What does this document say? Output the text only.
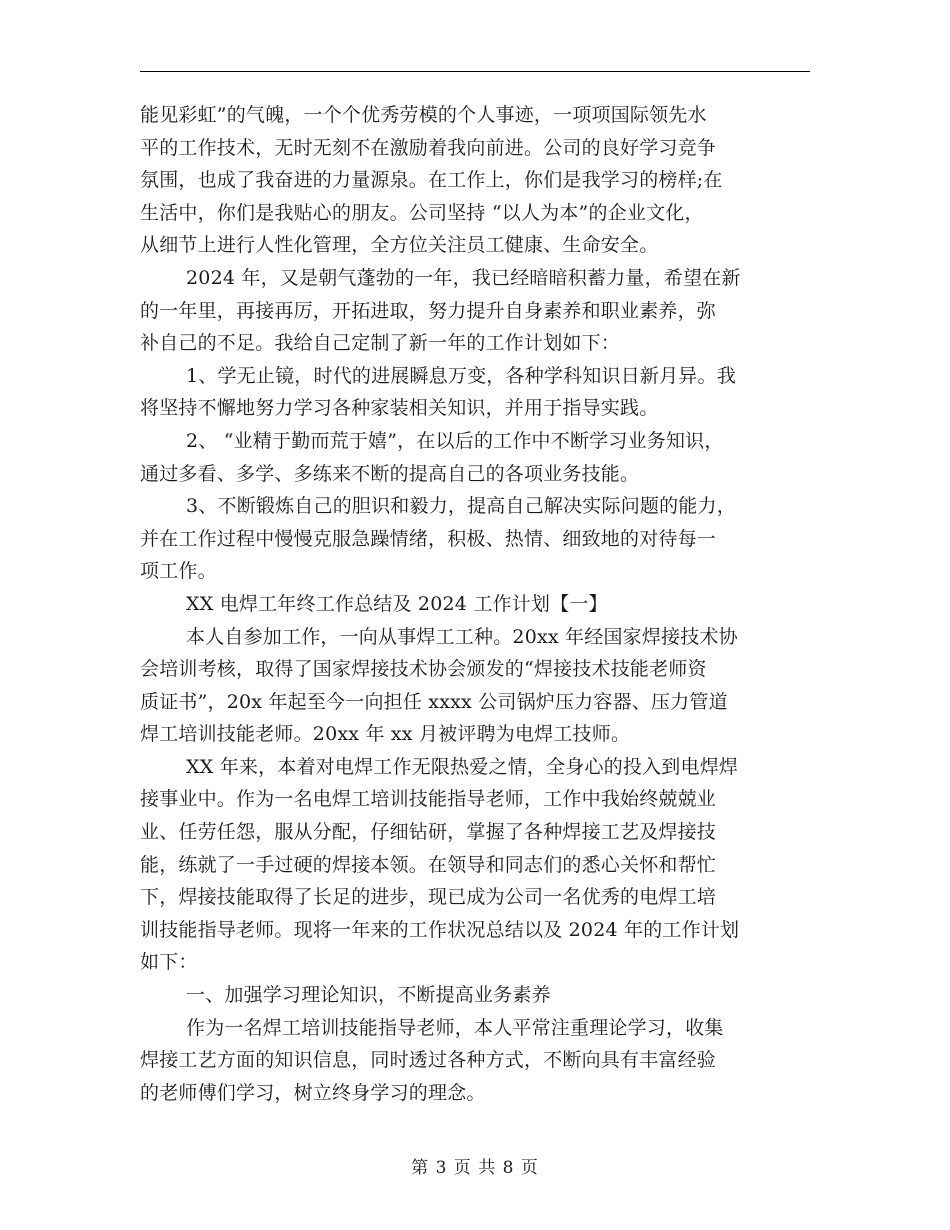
能见彩虹”的气魄，一个个优秀劳模的个人事迹，一项项国际领先水
平的工作技术，无时无刻不在激励着我向前进。公司的良好学习竞争
氛围，也成了我奋进的力量源泉。在工作上，你们是我学习的榜样;在
生活中，你们是我贴心的朋友。公司坚持 “以人为本”的企业文化，
从细节上进行人性化管理，全方位关注员工健康、生命安全。
2024 年，又是朝气蓬勃的一年，我已经暗暗积蓄力量，希望在新
的一年里，再接再厉，开拓进取，努力提升自身素养和职业素养，弥
补自己的不足。我给自己定制了新一年的工作计划如下：
1、学无止镜，时代的进展瞬息万变，各种学科知识日新月异。我
将坚持不懈地努力学习各种家装相关知识，并用于指导实践。
2、 “业精于勤而荒于嬉”，在以后的工作中不断学习业务知识，
通过多看、多学、多练来不断的提高自己的各项业务技能。
3、不断锻炼自己的胆识和毅力，提高自己解决实际问题的能力，
并在工作过程中慢慢克服急躁情绪，积极、热情、细致地的对待每一
项工作。
XX 电焊工年终工作总结及 2024 工作计划【一】
本人自参加工作，一向从事焊工工种。20xx 年经国家焊接技术协
会培训考核，取得了国家焊接技术协会颁发的“焊接技术技能老师资
质证书”，20x 年起至今一向担任 xxxx 公司锅炉压力容器、压力管道
焊工培训技能老师。20xx 年 xx 月被评聘为电焊工技师。
XX 年来，本着对电焊工作无限热爱之情，全身心的投入到电焊焊
接事业中。作为一名电焊工培训技能指导老师，工作中我始终兢兢业
业、任劳任怨，服从分配，仔细钻研，掌握了各种焊接工艺及焊接技
能，练就了一手过硬的焊接本领。在领导和同志们的悉心关怀和帮忙
下，焊接技能取得了长足的进步，现已成为公司一名优秀的电焊工培
训技能指导老师。现将一年来的工作状况总结以及 2024 年的工作计划
如下：
一、加强学习理论知识，不断提高业务素养
作为一名焊工培训技能指导老师，本人平常注重理论学习，收集
焊接工艺方面的知识信息，同时透过各种方式，不断向具有丰富经验
的老师傅们学习，树立终身学习的理念。
第 3 页 共 8 页
